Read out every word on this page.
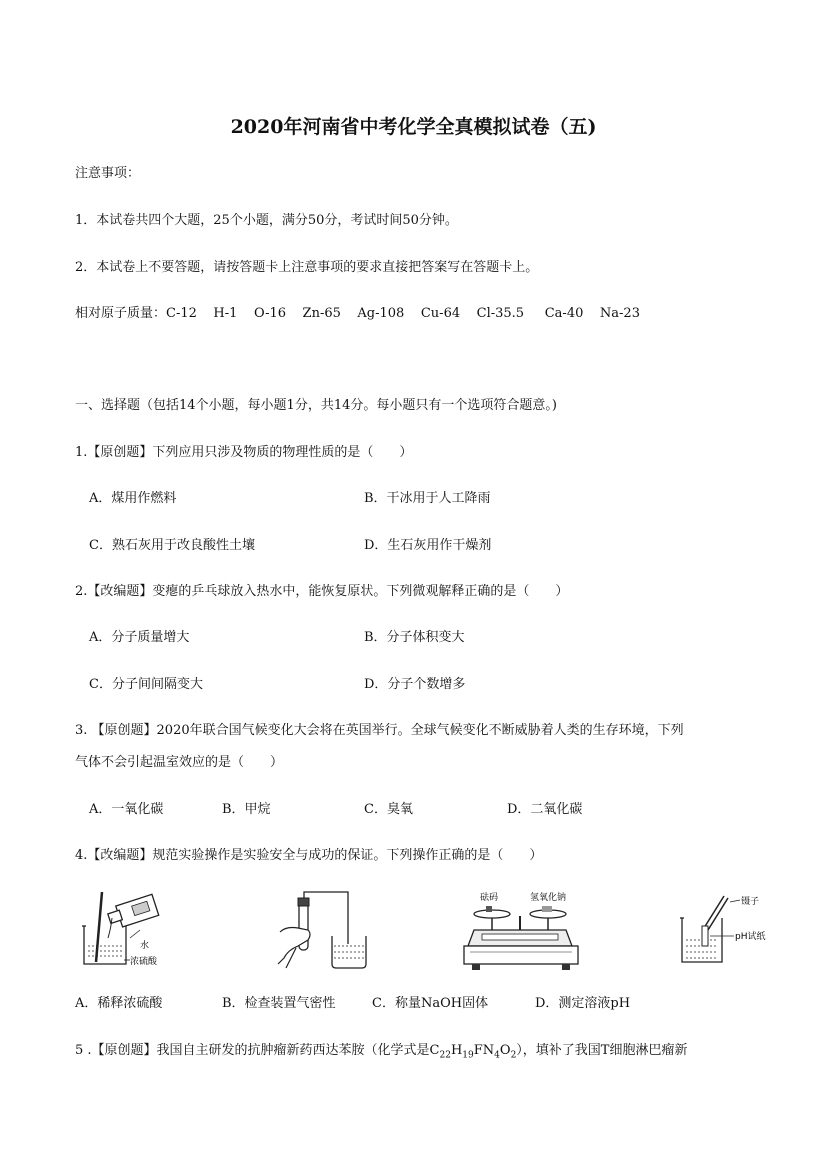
2020年河南省中考化学全真模拟试卷（五)
注意事项：
1．本试卷共四个大题，25个小题，满分50分，考试时间50分钟。
2．本试卷上不要答题，请按答题卡上注意事项的要求直接把答案写在答题卡上。
相对原子质量：C-12    H-1    O-16    Zn-65    Ag-108    Cu-64    Cl-35.5     Ca-40    Na-23
一、选择题（包括14个小题，每小题1分，共14分。每小题只有一个选项符合题意。)
1.【原创题】下列应用只涉及物质的物理性质的是（　　）
A．煤用作燃料	B．干冰用于人工降雨
C．熟石灰用于改良酸性土壤	D．生石灰用作干燥剂
2.【改编题】变瘪的乒乓球放入热水中，能恢复原状。下列微观解释正确的是（　　）
A．分子质量增大	B．分子体积变大
C．分子间间隔变大	D．分子个数增多
3. 【原创题】2020年联合国气候变化大会将在英国举行。全球气候变化不断威胁着人类的生存环境，下列
气体不会引起温室效应的是（　　）
A．一氧化碳	B．甲烷	C．臭氧	D．二氧化碳
4.【改编题】规范实验操作是实验安全与成功的保证。下列操作正确的是（　　）
水
浓硫酸
砝码	氢氧化钠	镊子
pH试纸
A．稀释浓硫酸	B．检查装置气密性	C．称量NaOH固体	D．测定溶液pH
5 .【原创题】我国自主研发的抗肿瘤新药西达苯胺（化学式是$C_{22}H_{19}FN_4O_2$），填补了我国T细胞淋巴瘤新
